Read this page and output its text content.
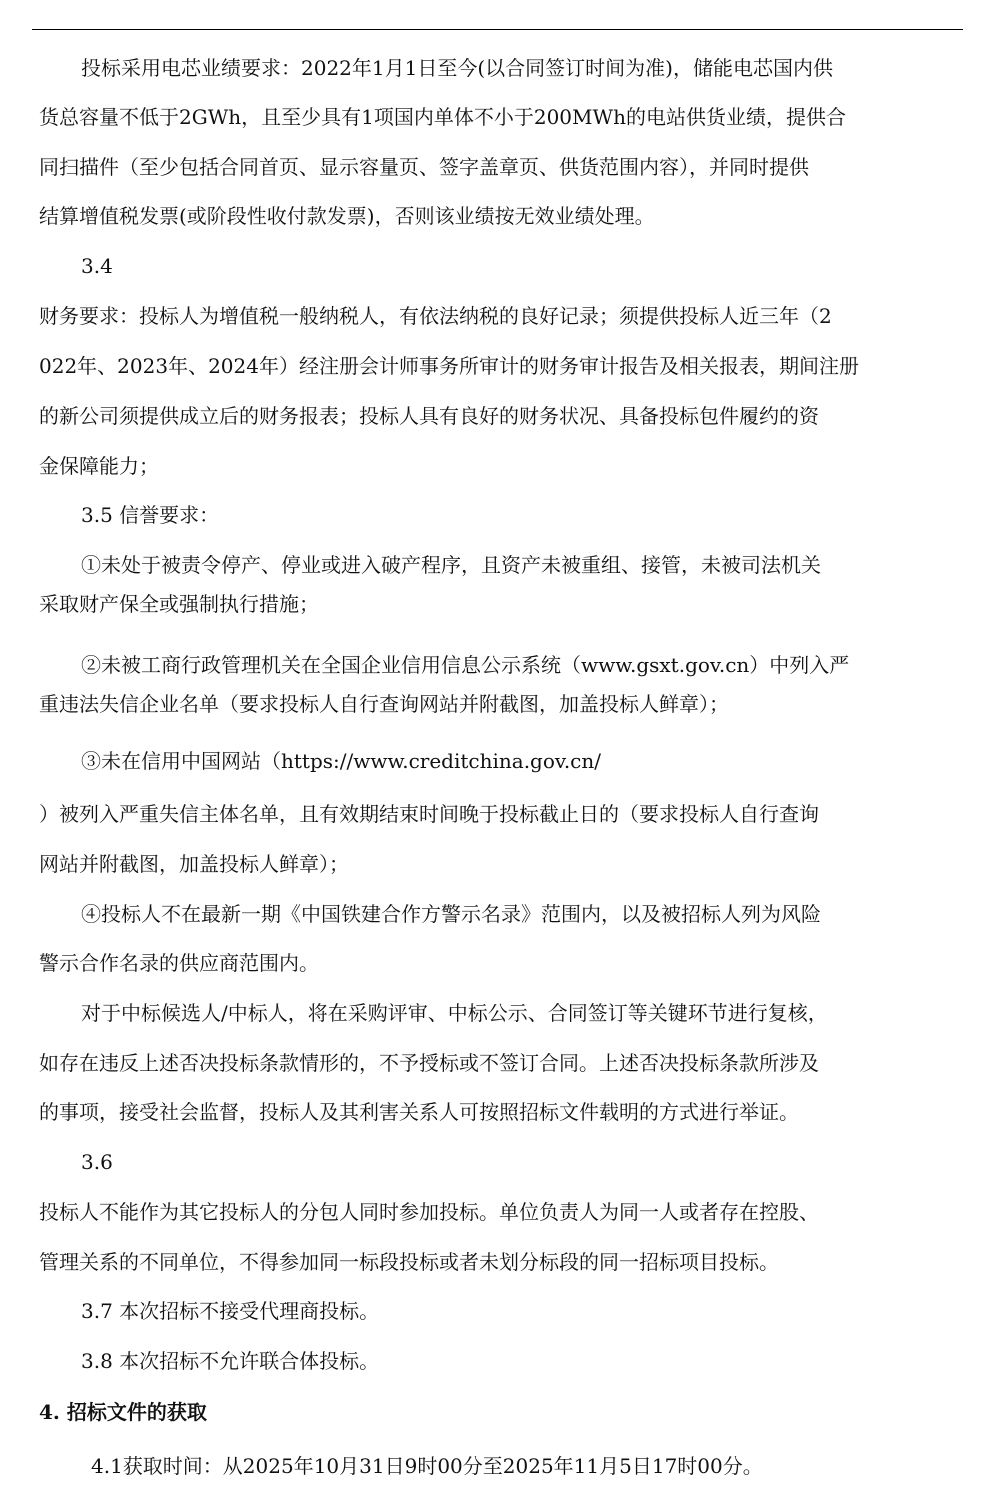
投标采用电芯业绩要求：2022年1月1日至今(以合同签订时间为准)，储能电芯国内供
货总容量不低于2GWh，且至少具有1项国内单体不小于200MWh的电站供货业绩，提供合
同扫描件（至少包括合同首页、显示容量页、签字盖章页、供货范围内容），并同时提供
结算增值税发票(或阶段性收付款发票)，否则该业绩按无效业绩处理。
3.4
财务要求：投标人为增值税一般纳税人，有依法纳税的良好记录；须提供投标人近三年（2
022年、2023年、2024年）经注册会计师事务所审计的财务审计报告及相关报表，期间注册
的新公司须提供成立后的财务报表；投标人具有良好的财务状况、具备投标包件履约的资
金保障能力；
3.5 信誉要求：
①未处于被责令停产、停业或进入破产程序，且资产未被重组、接管，未被司法机关
采取财产保全或强制执行措施；
②未被工商行政管理机关在全国企业信用信息公示系统（www.gsxt.gov.cn）中列入严
重违法失信企业名单（要求投标人自行查询网站并附截图，加盖投标人鲜章）；
③未在信用中国网站（https://www.creditchina.gov.cn/
）被列入严重失信主体名单，且有效期结束时间晚于投标截止日的（要求投标人自行查询
网站并附截图，加盖投标人鲜章）；
④投标人不在最新一期《中国铁建合作方警示名录》范围内，以及被招标人列为风险
警示合作名录的供应商范围内。
对于中标候选人/中标人，将在采购评审、中标公示、合同签订等关键环节进行复核，
如存在违反上述否决投标条款情形的，不予授标或不签订合同。上述否决投标条款所涉及
的事项，接受社会监督，投标人及其利害关系人可按照招标文件载明的方式进行举证。
3.6
投标人不能作为其它投标人的分包人同时参加投标。单位负责人为同一人或者存在控股、
管理关系的不同单位，不得参加同一标段投标或者未划分标段的同一招标项目投标。
3.7 本次招标不接受代理商投标。
3.8 本次招标不允许联合体投标。
4. 招标文件的获取
4.1获取时间：从2025年10月31日9时00分至2025年11月5日17时00分。
